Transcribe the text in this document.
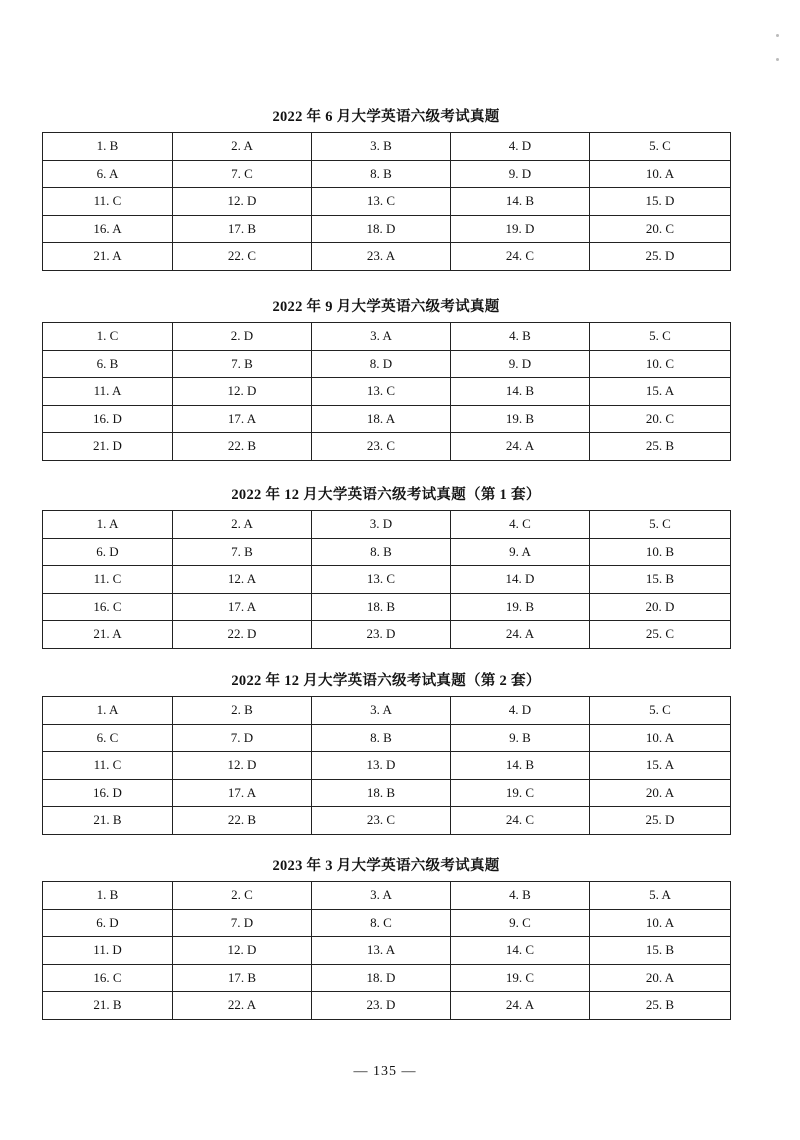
2022 年 6 月大学英语六级考试真题
1. B	2. A	3. B	4. D	5. C
6. A	7. C	8. B	9. D	10. A
11. C	12. D	13. C	14. B	15. D
16. A	17. B	18. D	19. D	20. C
21. A	22. C	23. A	24. C	25. D
2022 年 9 月大学英语六级考试真题
1. C	2. D	3. A	4. B	5. C
6. B	7. B	8. D	9. D	10. C
11. A	12. D	13. C	14. B	15. A
16. D	17. A	18. A	19. B	20. C
21. D	22. B	23. C	24. A	25. B
2022 年 12 月大学英语六级考试真题（第 1 套）
1. A	2. A	3. D	4. C	5. C
6. D	7. B	8. B	9. A	10. B
11. C	12. A	13. C	14. D	15. B
16. C	17. A	18. B	19. B	20. D
21. A	22. D	23. D	24. A	25. C
2022 年 12 月大学英语六级考试真题（第 2 套）
1. A	2. B	3. A	4. D	5. C
6. C	7. D	8. B	9. B	10. A
11. C	12. D	13. D	14. B	15. A
16. D	17. A	18. B	19. C	20. A
21. B	22. B	23. C	24. C	25. D
2023 年 3 月大学英语六级考试真题
1. B	2. C	3. A	4. B	5. A
6. D	7. D	8. C	9. C	10. A
11. D	12. D	13. A	14. C	15. B
16. C	17. B	18. D	19. C	20. A
21. B	22. A	23. D	24. A	25. B
— 135 —
